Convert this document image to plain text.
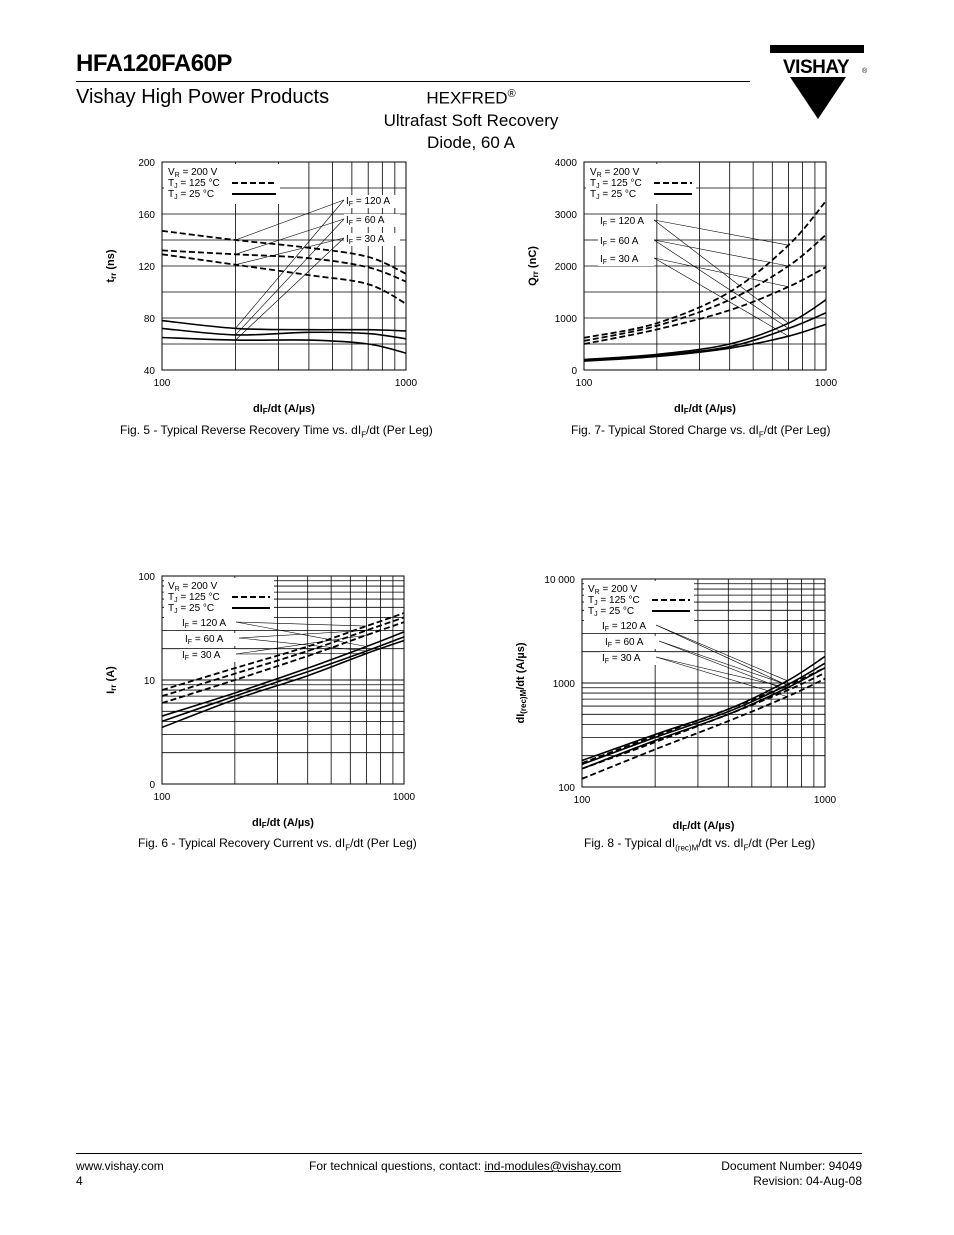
HFA120FA60P
Vishay High Power Products	HEXFRED®
Ultrafast Soft Recovery
Diode, 60 A
VISHAY ®
$V_R = 200$ V
$T_J = 125$ °C
$T_J = 25$ °C
$I_F = 120$ A
$I_F = 60$ A
$I_F = 30$ A
100	1000
40
80
120
160
200
dIF/dt (A/µs)
trr (ns)
Fig. 5 - Typical Reverse Recovery Time vs. $dI_F/dt$ (Per Leg)
$V_R = 200$ V
$T_J = 125$ °C
$T_J = 25$ °C
$I_F = 120$ A
$I_F = 60$ A
$I_F = 30$ A
100	1000
0
1000
2000
3000
4000
dIF/dt (A/µs)
Qrr (nC)
Fig. 7- Typical Stored Charge vs. $dI_F/dt$ (Per Leg)
$V_R = 200$ V
$T_J = 125$ °C
$T_J = 25$ °C
$I_F = 120$ A
$I_F = 60$ A
$I_F = 30$ A
100	1000
0
10
100
dIF/dt (A/µs)
Irr (A)
Fig. 6 - Typical Recovery Current vs. $dI_F/dt$ (Per Leg)
$V_R = 200$ V
$T_J = 125$ °C
$T_J = 25$ °C
$I_F = 120$ A
$I_F = 60$ A
$I_F = 30$ A
100	1000
100
1000
10 000
dIF/dt (A/µs)
dI(rec)M/dt (A/µs)
Fig. 8 - Typical $dI_{(rec)M}/dt$ vs. $dI_F/dt$ (Per Leg)
www.vishay.com
4
For technical questions, contact: ind-modules@vishay.com	Document Number: 94049
Revision: 04-Aug-08
